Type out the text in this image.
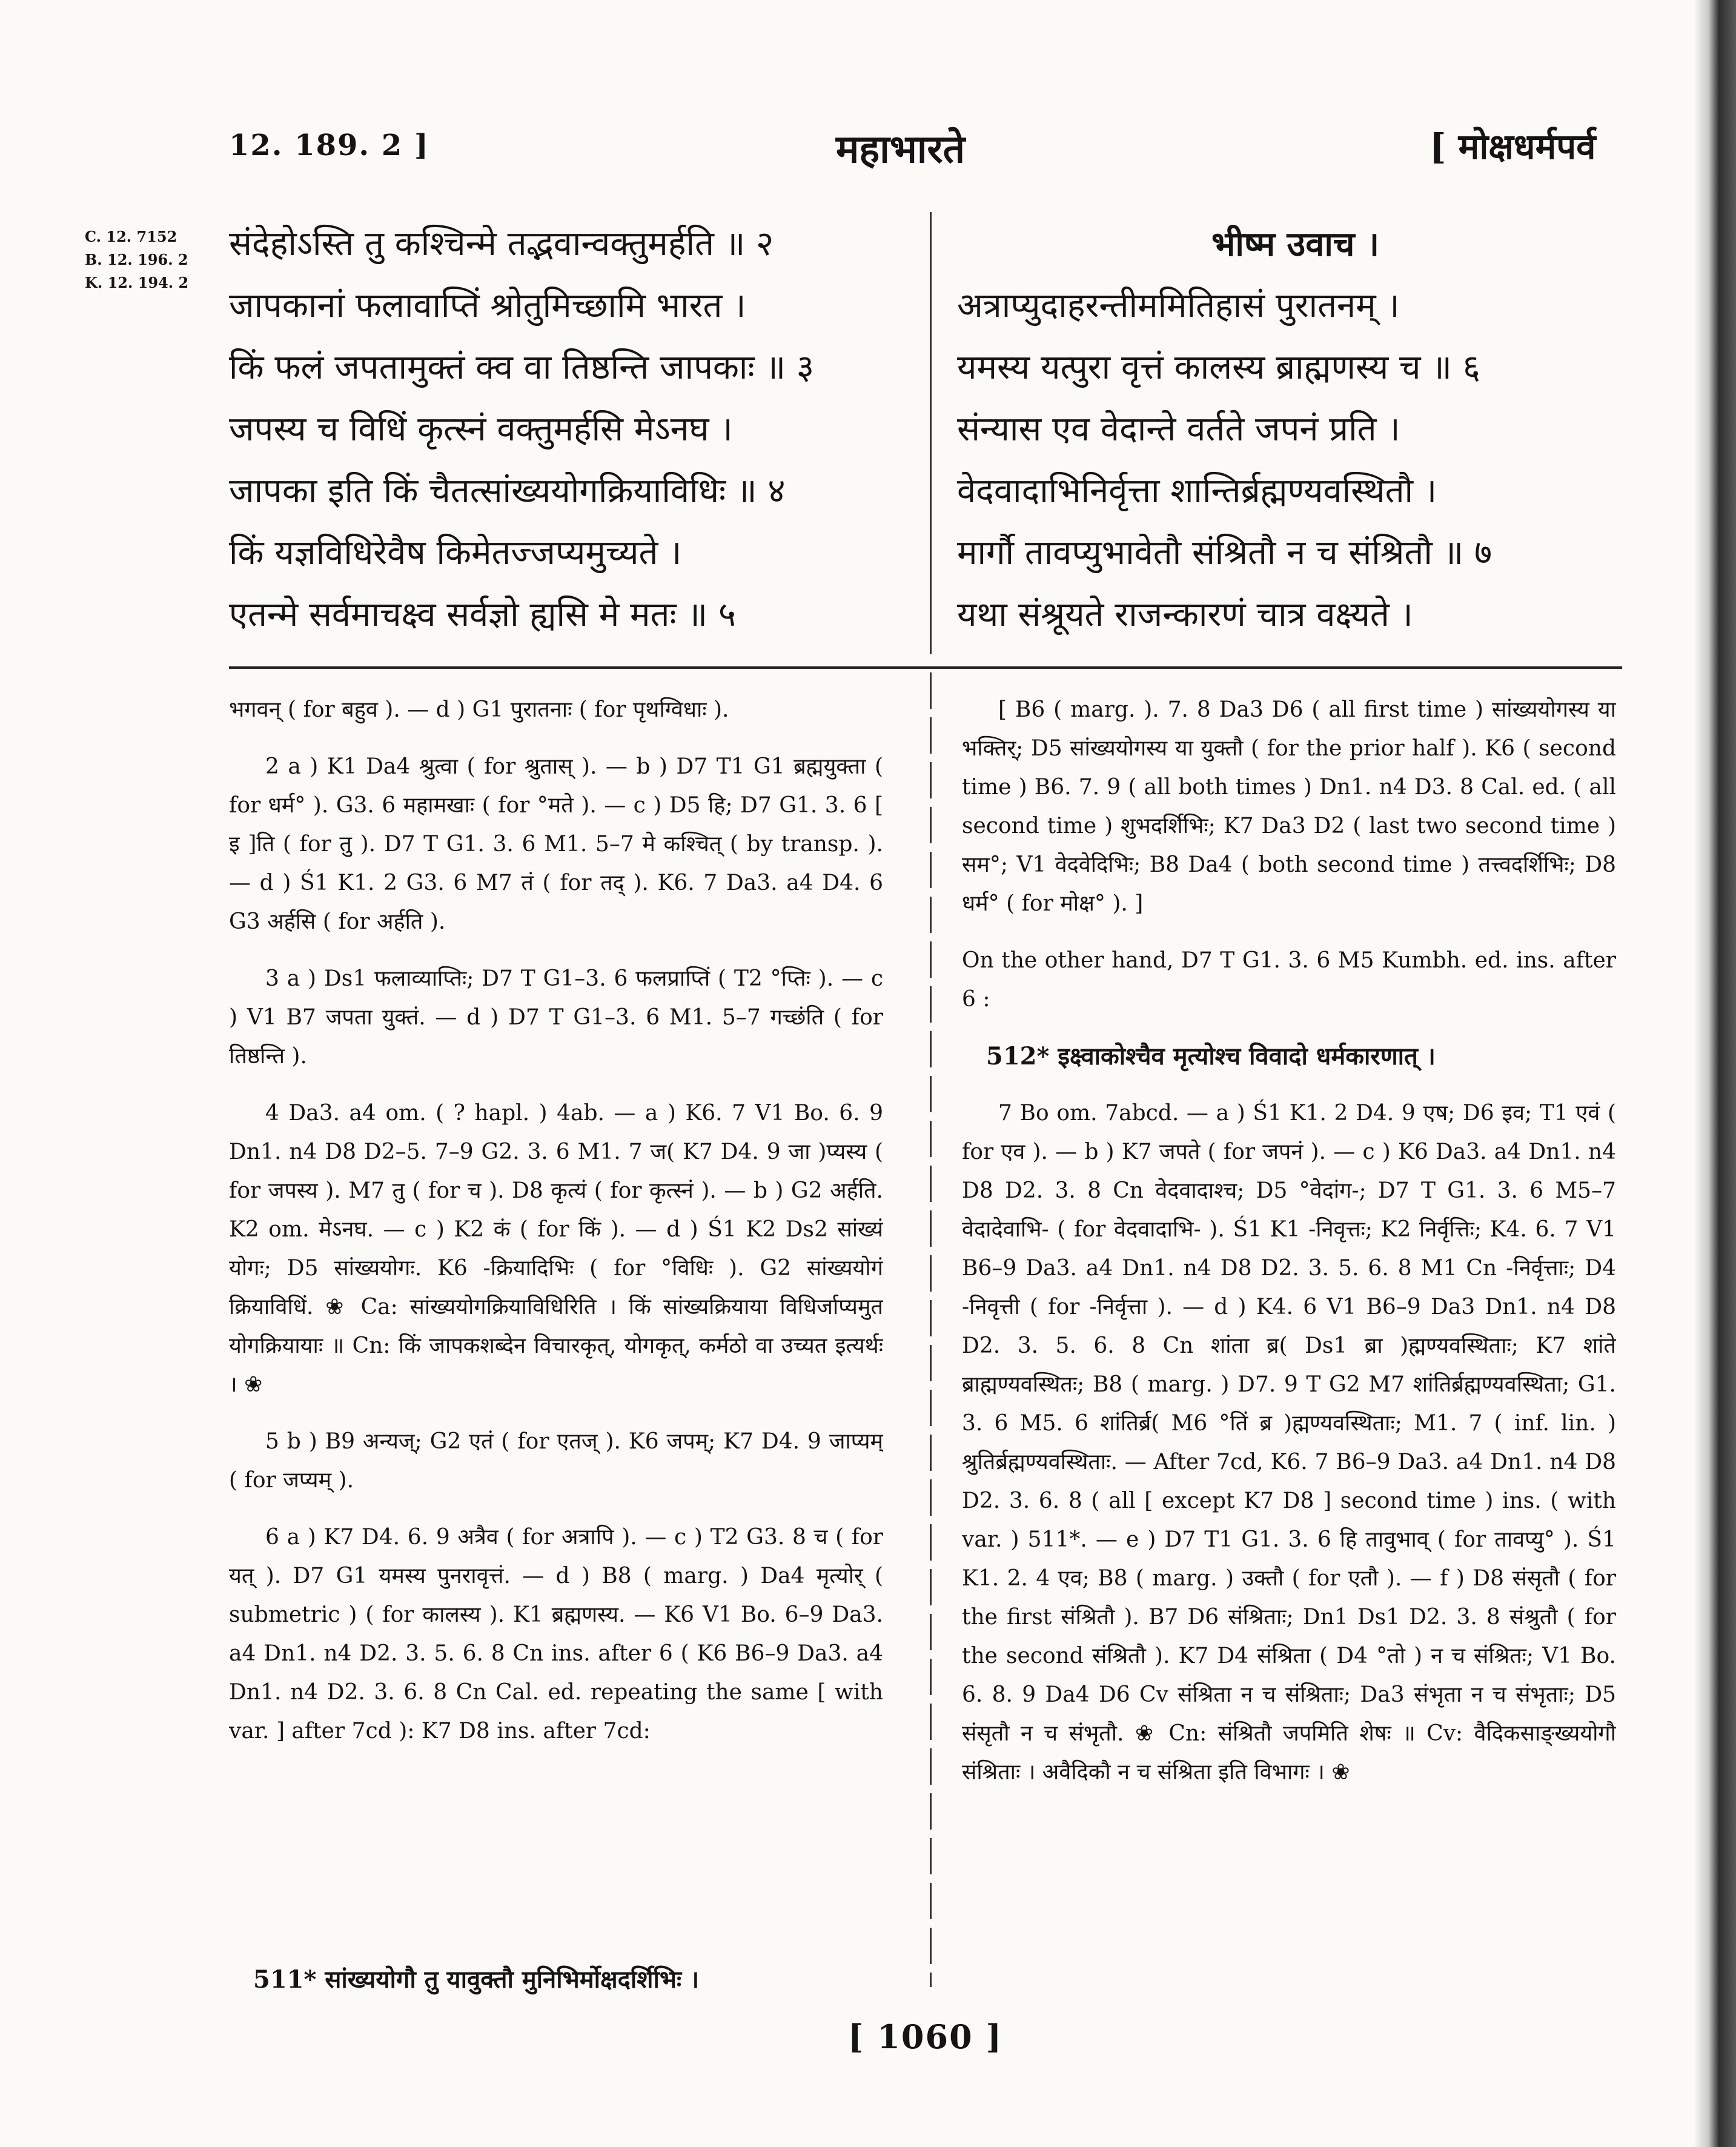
12. 189. 2 ]	महाभारते	[ मोक्षधर्मपर्व
C. 12. 7152
B. 12. 196. 2
K. 12. 194. 2
संदेहोऽस्ति तु कश्चिन्मे तद्भवान्वक्तुमर्हति ॥ २
जापकानां फलावाप्तिं श्रोतुमिच्छामि भारत ।
किं फलं जपतामुक्तं क्व वा तिष्ठन्ति जापकाः ॥ ३
जपस्य च विधिं कृत्स्नं वक्तुमर्हसि मेऽनघ ।
जापका इति किं चैतत्सांख्ययोगक्रियाविधिः ॥ ४
किं यज्ञविधिरेवैष किमेतज्जप्यमुच्यते ।
एतन्मे सर्वमाचक्ष्व सर्वज्ञो ह्यसि मे मतः ॥ ५
भीष्म उवाच ।
अत्राप्युदाहरन्तीममितिहासं पुरातनम् ।
यमस्य यत्पुरा वृत्तं कालस्य ब्राह्मणस्य च ॥ ६
संन्यास एव वेदान्ते वर्तते जपनं प्रति ।
वेदवादाभिनिर्वृत्ता शान्तिर्ब्रह्मण्यवस्थितौ ।
मार्गौ तावप्युभावेतौ संश्रितौ न च संश्रितौ ॥ ७
यथा संश्रूयते राजन्कारणं चात्र वक्ष्यते ।

भगवन् ( for बहुव ). — d ) G1 पुरातनाः ( for पृथग्विधाः ).

2 a ) K1 Da4 श्रुत्वा ( for श्रुतास् ). — b ) D7 T1 G1 ब्रह्मयुक्ता ( for धर्म° ). G3. 6 महामखाः ( for °मते ). — c ) D5 हि; D7 G1. 3. 6 [ इ ]ति ( for तु ). D7 T G1. 3. 6 M1. 5–7 मे कश्चित् ( by transp. ). — d ) Ś1 K1. 2 G3. 6 M7 तं ( for तद् ). K6. 7 Da3. a4 D4. 6 G3 अर्हसि ( for अर्हति ).

3 a ) Ds1 फलाव्याप्तिः; D7 T G1–3. 6 फलप्राप्तिं ( T2 °प्तिः ). — c ) V1 B7 जपता युक्तं. — d ) D7 T G1–3. 6 M1. 5–7 गच्छंति ( for तिष्ठन्ति ).

4 Da3. a4 om. ( ? hapl. ) 4ab. — a ) K6. 7 V1 Bo. 6. 9 Dn1. n4 D8 D2–5. 7–9 G2. 3. 6 M1. 7 ज( K7 D4. 9 जा )प्यस्य ( for जपस्य ). M7 तु ( for च ). D8 कृत्यं ( for कृत्स्नं ). — b ) G2 अर्हति. K2 om. मेऽनघ. — c ) K2 कं ( for किं ). — d ) Ś1 K2 Ds2 सांख्यं योगः; D5 सांख्ययोगः. K6 -क्रियादिभिः ( for °विधिः ). G2 सांख्ययोगं क्रियाविधिं. ❀ Ca: सांख्ययोगक्रियाविधिरिति । किं सांख्यक्रियाया विधिर्जाप्यमुत योगक्रियायाः ॥ Cn: किं जापकशब्देन विचारकृत्, योगकृत्, कर्मठो वा उच्यत इत्यर्थः । ❀

5 b ) B9 अन्यज्; G2 एतं ( for एतज् ). K6 जपम्; K7 D4. 9 जाप्यम् ( for जप्यम् ).

6 a ) K7 D4. 6. 9 अत्रैव ( for अत्रापि ). — c ) T2 G3. 8 च ( for यत् ). D7 G1 यमस्य पुनरावृत्तं. — d ) B8 ( marg. ) Da4 मृत्योर् ( submetric ) ( for कालस्य ). K1 ब्रह्मणस्य. — K6 V1 Bo. 6–9 Da3. a4 Dn1. n4 D2. 3. 5. 6. 8 Cn ins. after 6 ( K6 B6–9 Da3. a4 Dn1. n4 D2. 3. 6. 8 Cn Cal. ed. repeating the same [ with var. ] after 7cd ): K7 D8 ins. after 7cd:

511* सांख्ययोगौ तु यावुक्तौ मुनिभिर्मोक्षदर्शिभिः ।

[ B6 ( marg. ). 7. 8 Da3 D6 ( all first time ) सांख्ययोगस्य या भक्तिर्; D5 सांख्ययोगस्य या युक्तौ ( for the prior half ). K6 ( second time ) B6. 7. 9 ( all both times ) Dn1. n4 D3. 8 Cal. ed. ( all second time ) शुभदर्शिभिः; K7 Da3 D2 ( last two second time ) सम°; V1 वेदवेदिभिः; B8 Da4 ( both second time ) तत्त्वदर्शिभिः; D8 धर्म° ( for मोक्ष° ). ]

On the other hand, D7 T G1. 3. 6 M5 Kumbh. ed. ins. after 6 :

512* इक्ष्वाकोश्चैव मृत्योश्च विवादो धर्मकारणात् ।

7 Bo om. 7abcd. — a ) Ś1 K1. 2 D4. 9 एष; D6 इव; T1 एवं ( for एव ). — b ) K7 जपते ( for जपनं ). — c ) K6 Da3. a4 Dn1. n4 D8 D2. 3. 8 Cn वेदवादाश्च; D5 °वेदांग-; D7 T G1. 3. 6 M5–7 वेदादेवाभि- ( for वेदवादाभि- ). Ś1 K1 -निवृत्तः; K2 निर्वृत्तिः; K4. 6. 7 V1 B6–9 Da3. a4 Dn1. n4 D8 D2. 3. 5. 6. 8 M1 Cn -निर्वृत्ताः; D4 -निवृत्ती ( for -निर्वृत्ता ). — d ) K4. 6 V1 B6–9 Da3 Dn1. n4 D8 D2. 3. 5. 6. 8 Cn शांता ब्र( Ds1 ब्रा )ह्मण्यवस्थिताः; K7 शांते ब्राह्मण्यवस्थितः; B8 ( marg. ) D7. 9 T G2 M7 शांतिर्ब्रह्मण्यवस्थिता; G1. 3. 6 M5. 6 शांतिर्ब्र( M6 °तिं ब्र )ह्मण्यवस्थिताः; M1. 7 ( inf. lin. ) श्रुतिर्ब्रह्मण्यवस्थिताः. — After 7cd, K6. 7 B6–9 Da3. a4 Dn1. n4 D8 D2. 3. 6. 8 ( all [ except K7 D8 ] second time ) ins. ( with var. ) 511*. — e ) D7 T1 G1. 3. 6 हि तावुभाव् ( for तावप्यु° ). Ś1 K1. 2. 4 एव; B8 ( marg. ) उक्तौ ( for एतौ ). — f ) D8 संसृतौ ( for the first संश्रितौ ). B7 D6 संश्रिताः; Dn1 Ds1 D2. 3. 8 संश्रुतौ ( for the second संश्रितौ ). K7 D4 संश्रिता ( D4 °तो ) न च संश्रितः; V1 Bo. 6. 8. 9 Da4 D6 Cv संश्रिता न च संश्रिताः; Da3 संभृता न च संभृताः; D5 संसृतौ न च संभृतौ. ❀ Cn: संश्रितौ जपमिति शेषः ॥ Cv: वैदिकसाङ्ख्ययोगौ संश्रिताः । अवैदिकौ न च संश्रिता इति विभागः । ❀

[ 1060 ]
